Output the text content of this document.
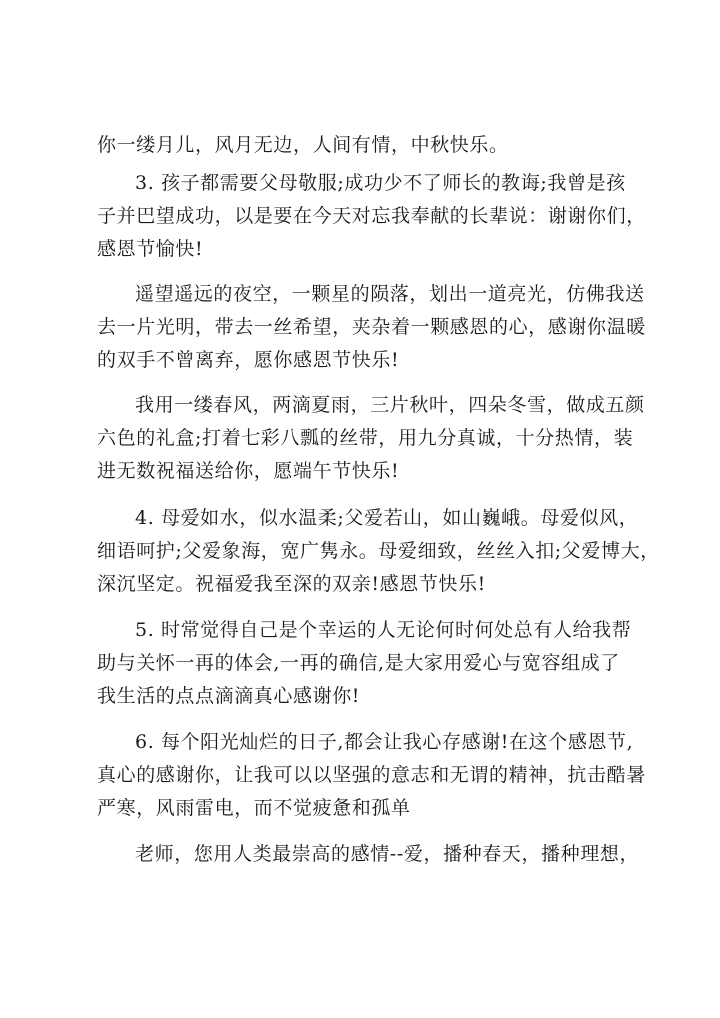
你一缕月儿，风月无边，人间有情，中秋快乐。

3. 孩子都需要父母敬服;成功少不了师长的教诲;我曾是孩
子并巴望成功，以是要在今天对忘我奉献的长辈说：谢谢你们，
感恩节愉快!

遥望遥远的夜空，一颗星的陨落，划出一道亮光，仿佛我送
去一片光明，带去一丝希望，夹杂着一颗感恩的心，感谢你温暖
的双手不曾离弃，愿你感恩节快乐!

我用一缕春风，两滴夏雨，三片秋叶，四朵冬雪，做成五颜
六色的礼盒;打着七彩八瓢的丝带，用九分真诚，十分热情，装
进无数祝福送给你，愿端午节快乐!

4. 母爱如水，似水温柔;父爱若山，如山巍峨。母爱似风，
细语呵护;父爱象海，宽广隽永。母爱细致，丝丝入扣;父爱博大，
深沉坚定。祝福爱我至深的双亲!感恩节快乐!

5. 时常觉得自己是个幸运的人无论何时何处总有人给我帮
助与关怀一再的体会,一再的确信,是大家用爱心与宽容组成了
我生活的点点滴滴真心感谢你!

6. 每个阳光灿烂的日子,都会让我心存感谢!在这个感恩节,
真心的感谢你，让我可以以坚强的意志和无谓的精神，抗击酷暑
严寒，风雨雷电，而不觉疲惫和孤单

老师，您用人类最崇高的感情--爱，播种春天，播种理想，
